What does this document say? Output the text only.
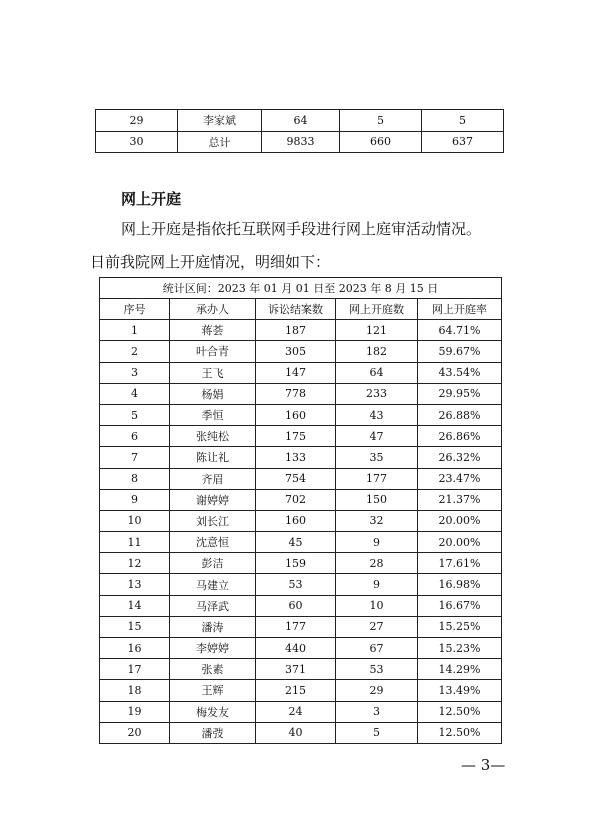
29	李家斌	64	5	5
30	总计	9833	660	637
网上开庭
网上开庭是指依托互联网手段进行网上庭审活动情况。
日前我院网上开庭情况，明细如下：
统计区间：2023 年 01 月 01 日至 2023 年 8 月 15 日				
序号	承办人	诉讼结案数	网上开庭数	网上开庭率
1	蒋荟	187	121	64.71%
2	叶合青	305	182	59.67%
3	王飞	147	64	43.54%
4	杨娟	778	233	29.95%
5	季恒	160	43	26.88%
6	张纯松	175	47	26.86%
7	陈让礼	133	35	26.32%
8	齐眉	754	177	23.47%
9	谢婷婷	702	150	21.37%
10	刘长江	160	32	20.00%
11	沈意恒	45	9	20.00%
12	彭洁	159	28	17.61%
13	马建立	53	9	16.98%
14	马泽武	60	10	16.67%
15	潘涛	177	27	15.25%
16	李婷婷	440	67	15.23%
17	张素	371	53	14.29%
18	王辉	215	29	13.49%
19	梅发友	24	3	12.50%
20	潘弢	40	5	12.50%
— 3—
